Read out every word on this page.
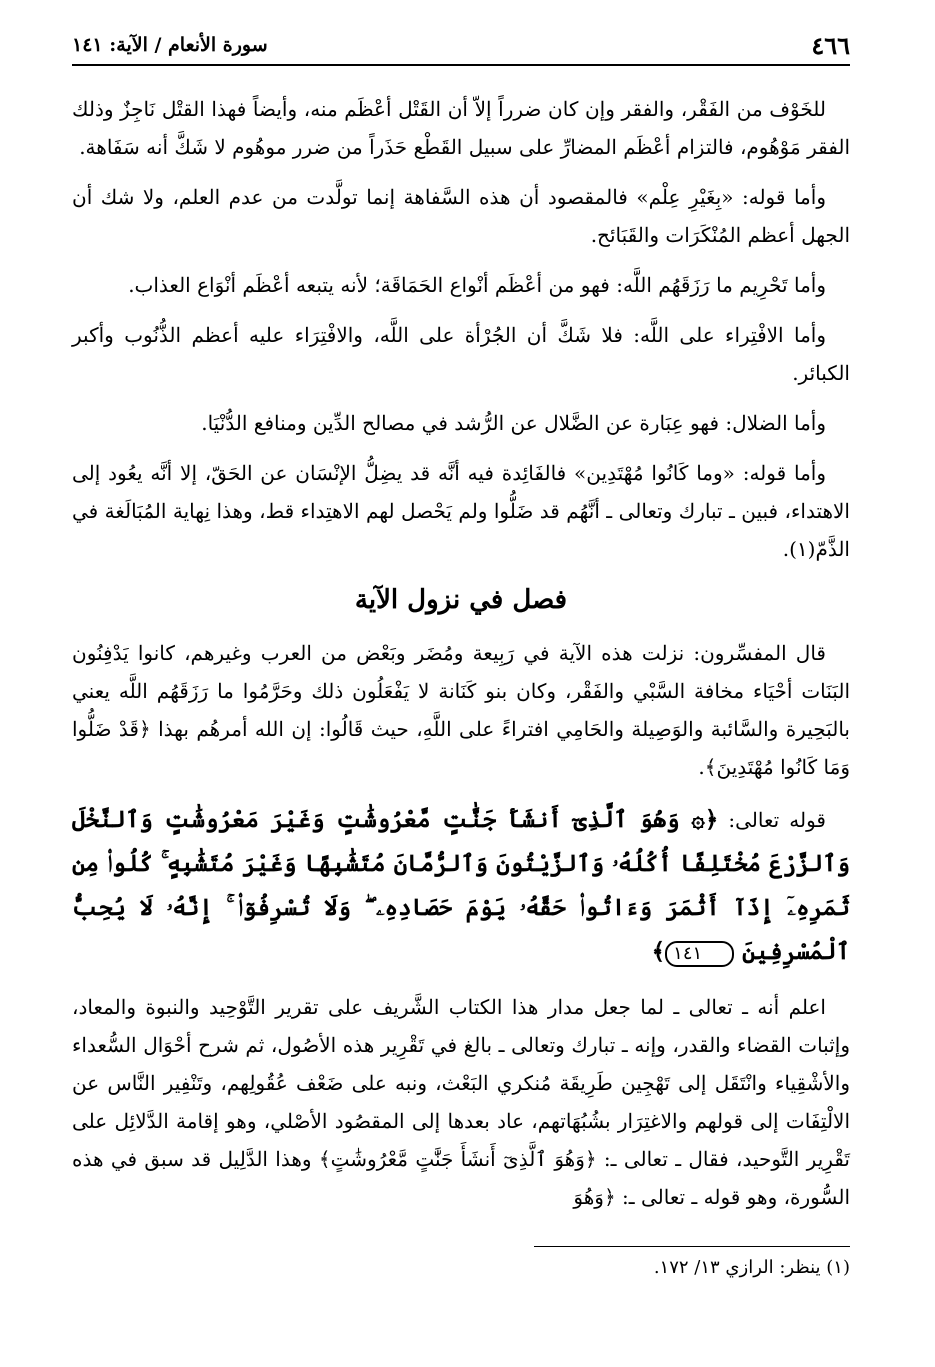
٤٦٦
سورة الأنعام / الآية: ١٤١

للخَوْف من الفَقْر، والفقر وإن كان ضرراً إلاّ أن القَتْل أعْظَم منه، وأيضاً فهذا القتْل نَاجِزٌ وذلك الفقر مَوْهُوم، فالتزام أعْظَم المضارِّ على سبيل القَطْع حَذَراً من ضرر موهُوم لا شَكَّ أنه سَفَاهة.

وأما قوله: «بِغَيْرِ عِلْم» فالمقصود أن هذه السَّفاهة إنما تولَّدت من عدم العلم، ولا شك أن الجهل أعظم المُنْكَرَات والقَبَائح.

وأما تَحْرِيم ما رَزَقَهُم اللَّه: فهو من أعْظَم أنْواع الحَمَاقَة؛ لأنه يتبعه أعْظَم أنْوَاع العذاب.

وأما الافْتِراء على اللَّه: فلا شَكَّ أن الجُرْأة على اللَّه، والافْتِرَاء عليه أعظم الذُّنُوب وأكبر الكبائر.

وأما الضلال: فهو عِبَارة عن الضَّلال عن الرُّشد في مصالح الدِّين ومنافع الدُّنْيَا.

وأما قوله: «وما كَانُوا مُهْتَدِين» فالفَائِدة فيه أنَّه قد يضِلُّ الإنْسَان عن الحَقّ، إلا أنَّه يعُود إلى الاهتداء، فبين ـ تبارك وتعالى ـ أنَّهُم قد ضَلُّوا ولم يَحْصل لهم الاهتِداء قط، وهذا نِهاية المُبَالَغة في الذَّمّ(١).

فصل في نزول الآية

قال المفسِّرون: نزلت هذه الآية في رَبِيعة ومُضَر وبَعْض من العرب وغيرهم، كانوا يَدْفِنُون البَنَات أحْيَاء مخافة السَّبْي والفَقْر، وكان بنو كَنَانة لا يَفْعَلُون ذلك وحَرَّمُوا ما رَزَقَهُم اللَّه يعني بالبَحِيرة والسَّائبة والوَصِيلة والحَامِي افتراءً على اللَّهِ، حيث قَالُوا: إن الله أمرهُم بهذا ﴿قَدْ ضَلُّوا وَمَا كَانُوا مُهْتَدِينَ﴾.

قوله تعالى: ﴿۞ وَهُوَ ٱلَّذِىٓ أَنشَأَ جَنَّٰتٍ مَّعْرُوشَٰتٍ وَغَيْرَ مَعْرُوشَٰتٍ وَٱلنَّخْلَ وَٱلزَّرْعَ مُخْتَلِفًا أُكُلُهُۥ وَٱلزَّيْتُونَ وَٱلرُّمَّانَ مُتَشَٰبِهًا وَغَيْرَ مُتَشَٰبِهٍ ۚ كُلُوا۟ مِن ثَمَرِهِۦٓ إِذَآ أَثْمَرَ وَءَاتُوا۟ حَقَّهُۥ يَوْمَ حَصَادِهِۦ ۖ وَلَا تُسْرِفُوٓا۟ ۚ إِنَّهُۥ لَا يُحِبُّ ٱلْمُسْرِفِينَ ١٤١﴾

اعلم أنه ـ تعالى ـ لما جعل مدار هذا الكتاب الشَّريف على تقرير التَّوْحِيد والنبوة والمعاد، وإثبات القضاء والقدر، وإنه ـ تبارك وتعالى ـ بالغ في تَقْرِير هذه الأصُول، ثم شرح أحْوَال السُّعداء والأشْقِياء وانْتَقَل إلى تَهْجِين طَرِيقَة مُنكري البَعْث، ونبه على ضَعْف عُقُولِهم، وتَنْفِير النَّاس عن الالْتِفَات إلى قولهم والاغتِرَار بشُبُهَاتهم، عاد بعدها إلى المقصُود الأصْلي، وهو إقامة الدَّلائِل على تَقْرِير التَّوحيد، فقال ـ تعالى ـ: ﴿وَهُوَ ٱلَّذِىٓ أَنشَأَ جَنَّٰتٍ مَّعْرُوشَٰتٍ﴾ وهذا الدَّلِيل قد سبق في هذه السُّورة، وهو قوله ـ تعالى ـ: ﴿وَهُوَ

(١) ينظر: الرازي ١٣/ ١٧٢.
